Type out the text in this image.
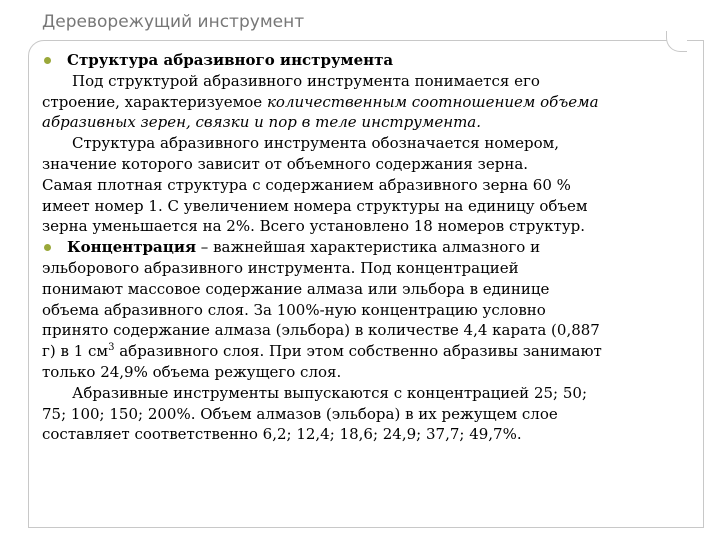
Дереворежущий инструмент
Структура абразивного инструмента
Под структурой абразивного инструмента понимается его
строение, характеризуемое количественным соотношением объема
абразивных зерен, связки и пор в теле инструмента.
Структура абразивного инструмента обозначается номером,
значение которого зависит от объемного содержания зерна.
Самая плотная структура с содержанием абразивного зерна 60 %
имеет номер 1. С увеличением номера структуры на единицу объем
зерна уменьшается на 2%. Всего установлено 18 номеров структур.
Концентрация – важнейшая характеристика алмазного и
эльборового абразивного инструмента. Под концентрацией
понимают массовое содержание алмаза или эльбора в единице
объема абразивного слоя. За 100%-ную концентрацию условно
принято содержание алмаза (эльбора) в количестве 4,4 карата (0,887
г) в 1 $см^3$ абразивного слоя. При этом собственно абразивы занимают
только 24,9% объема режущего слоя.
Абразивные инструменты выпускаются с концентрацией 25; 50;
75; 100; 150; 200%. Объем алмазов (эльбора) в их режущем слое
составляет соответственно 6,2; 12,4; 18,6; 24,9; 37,7; 49,7%.
